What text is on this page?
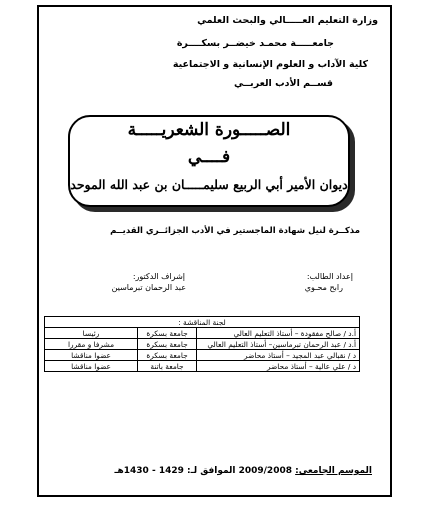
وزارة التعليم العـــــالي والبحث العلمي
جامعـــــة محمـد خيضــر بسكــــرة
كلية الآداب و العلوم الإنسانية و الاجتماعية
قســم الأدب العربــي
الصـــــورة الشعريـــــة
فــــي
ديوان الأمير أبي الربيع سليمـــــان بن عبد الله الموحد
مذكــرة لنيل شهادة الماجستير في الأدب الجزائــري القديــم
إعداد الطالب:
رابح محـوي
إشراف الدكتور:
عبد الرحمان تبرماسين
لجنة المناقشة :		
أ.د / صالح مفقودة – أستاذ التعليم العالي	جامعة بسكرة	رئيسا
أ.د / عبد الرحمان تبرماسين– أستاذ التعليم العالي	جامعة بسكرة	مشرفا و مقررا
د / نقبالي عبد المجيد – أستاذ محاضر	جامعة بسكرة	عضوا مناقشا
د / علي عالية – أستاذ محاضر	جامعة باتنة	عضوا مناقشا
الموسم الجامعي: 2009/2008 الموافق لـ: 1429 - 1430هـ
